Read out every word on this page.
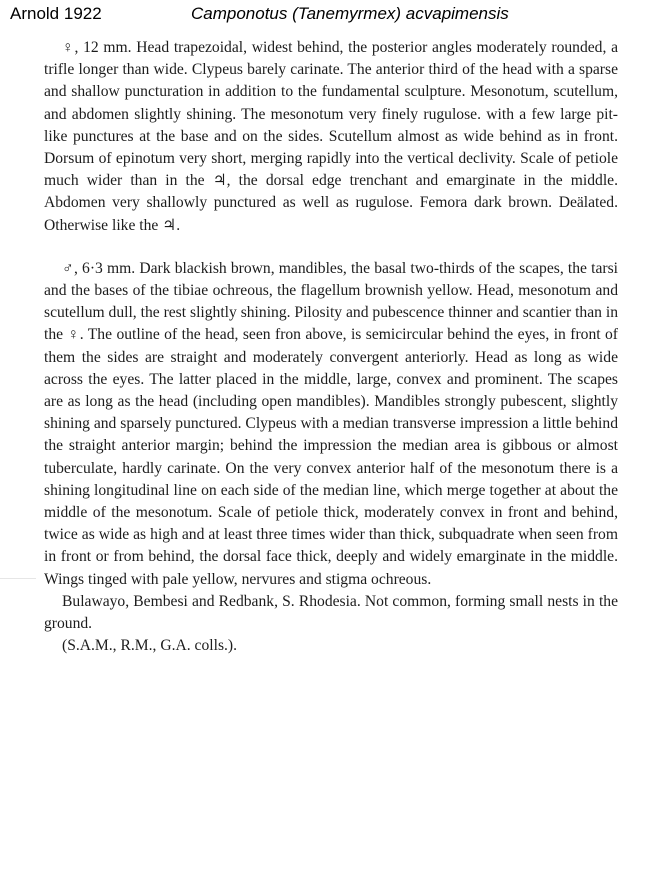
Arnold 1922	Camponotus (Tanemyrmex) acvapimensis

♀, 12 mm. Head trapezoidal, widest behind, the posterior angles moderately rounded, a trifle longer than wide. Clypeus barely carinate. The anterior third of the head with a sparse and shallow puncturation in addition to the fundamental sculpture. Mesonotum, scutellum, and abdomen slightly shining. The mesonotum very finely rugulose. with a few large pit-like punctures at the base and on the sides. Scutellum almost as wide behind as in front. Dorsum of epinotum very short, merging rapidly into the vertical declivity. Scale of petiole much wider than in the ♃, the dorsal edge trenchant and emarginate in the middle. Abdomen very shallowly punctured as well as rugulose. Femora dark brown. Deälated. Otherwise like the ♃.

♂, 6·3 mm. Dark blackish brown, mandibles, the basal two-thirds of the scapes, the tarsi and the bases of the tibiae ochreous, the flagellum brownish yellow. Head, mesonotum and scutellum dull, the rest slightly shining. Pilosity and pubescence thinner and scantier than in the ♀. The outline of the head, seen fron above, is semicircular behind the eyes, in front of them the sides are straight and moderately convergent anteriorly. Head as long as wide across the eyes. The latter placed in the middle, large, convex and prominent. The scapes are as long as the head (including open mandibles). Mandibles strongly pubescent, slightly shining and sparsely punctured. Clypeus with a median transverse impression a little behind the straight anterior margin; behind the impression the median area is gibbous or almost tuberculate, hardly carinate. On the very convex anterior half of the mesonotum there is a shining longitudinal line on each side of the median line, which merge together at about the middle of the mesonotum. Scale of petiole thick, moderately convex in front and behind, twice as wide as high and at least three times wider than thick, subquadrate when seen from in front or from behind, the dorsal face thick, deeply and widely emarginate in the middle. Wings tinged with pale yellow, nervures and stigma ochreous.

Bulawayo, Bembesi and Redbank, S. Rhodesia. Not common, forming small nests in the ground.

(S.A.M., R.M., G.A. colls.).
